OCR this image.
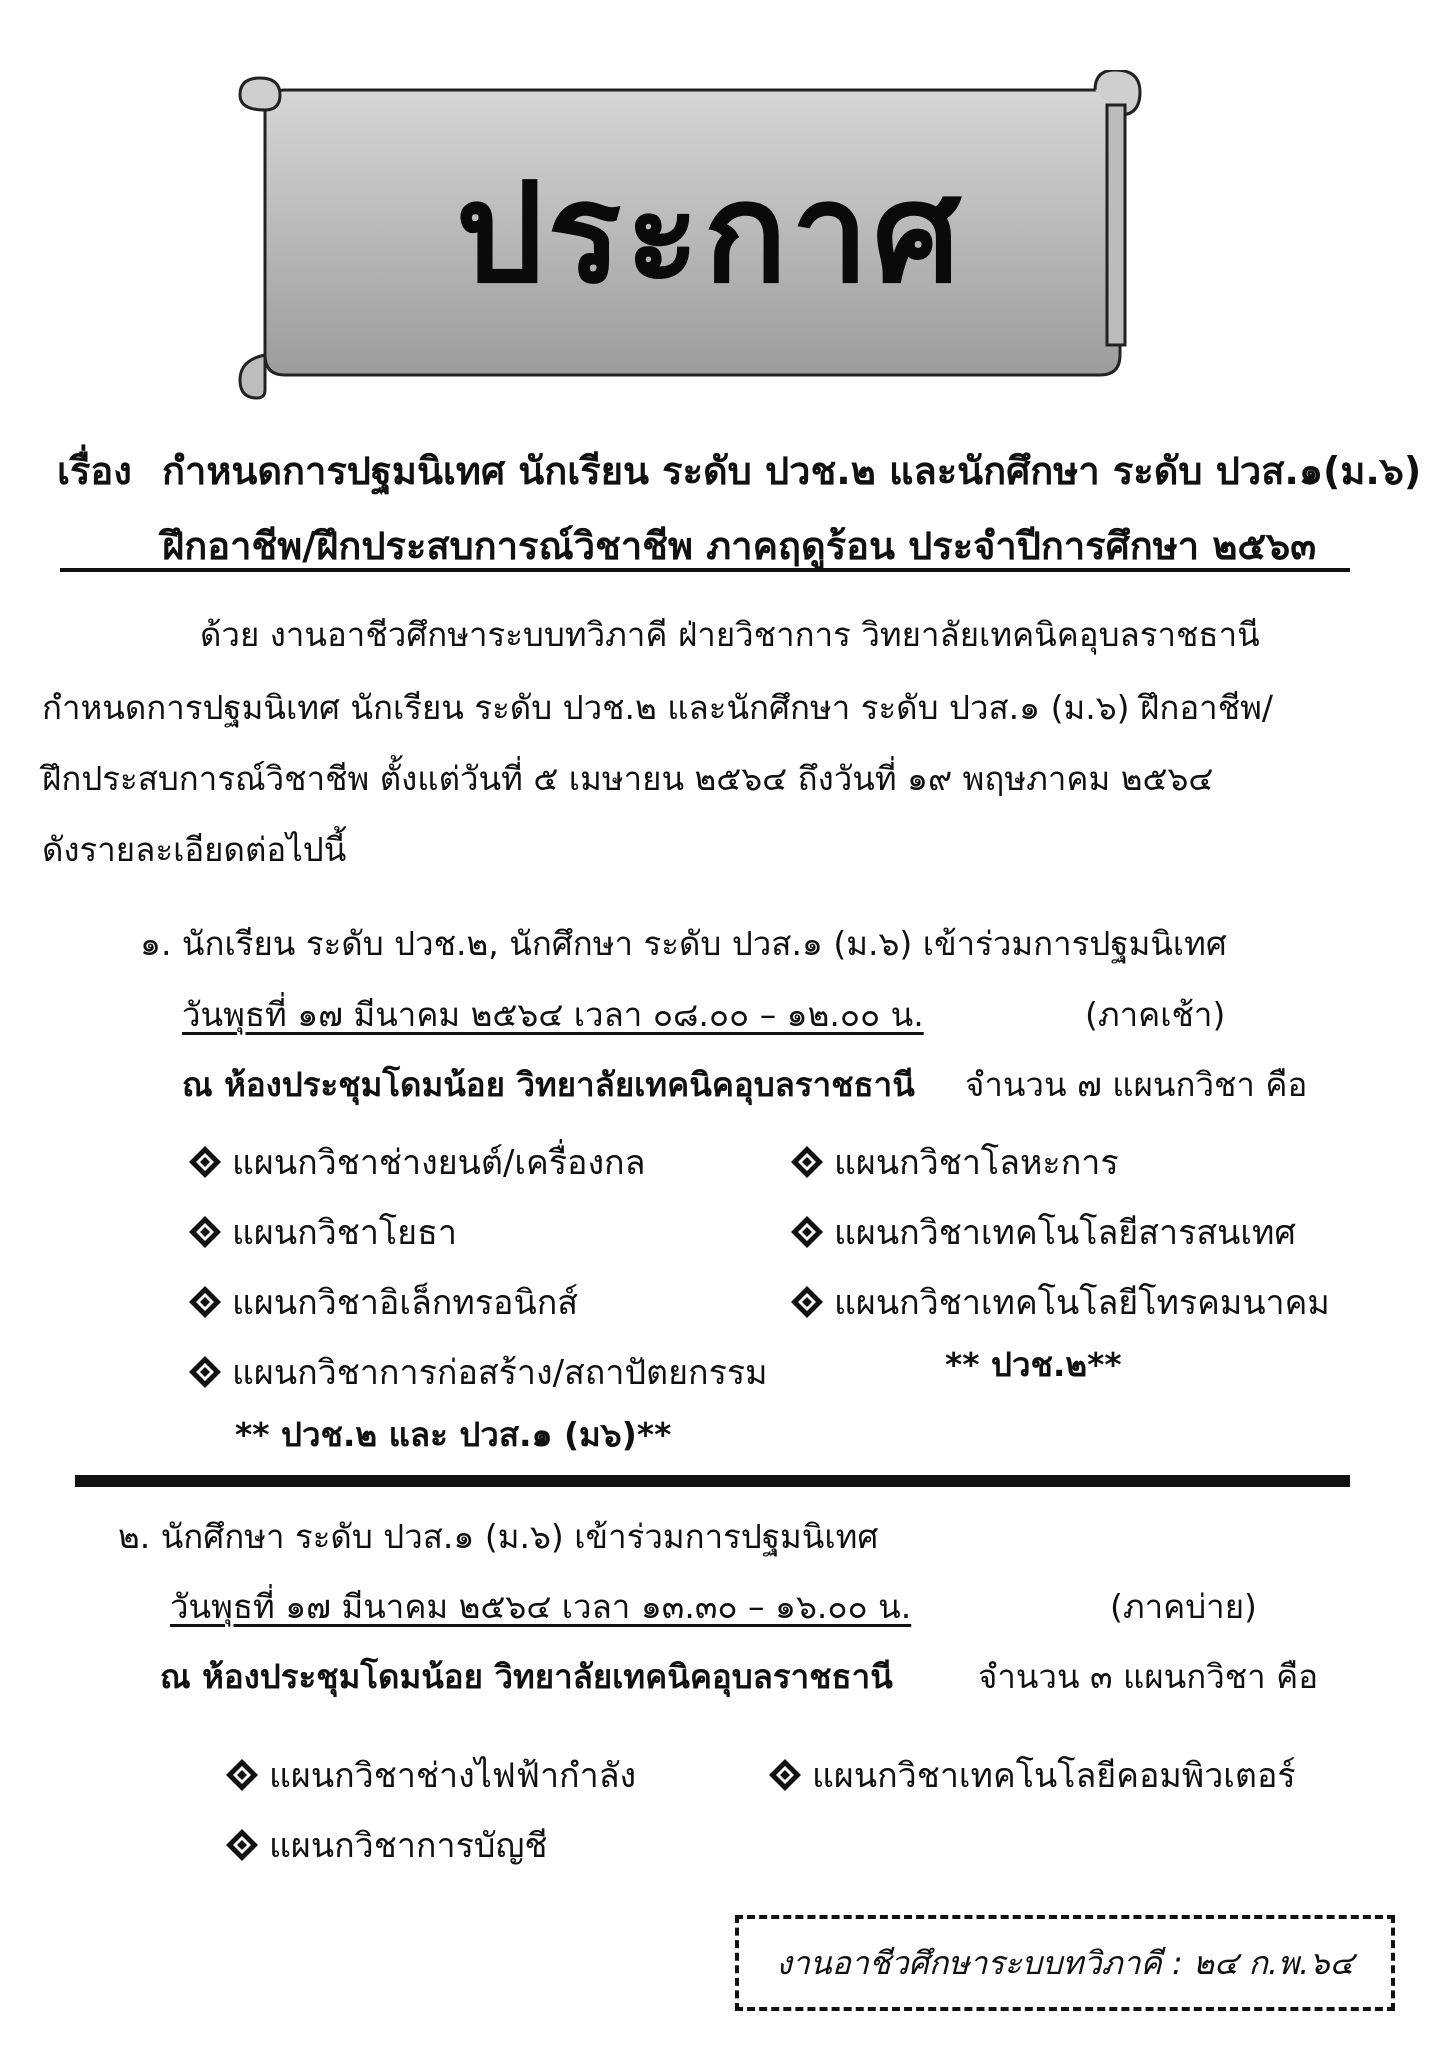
ประกาศ
เรื่อง กำหนดการปฐมนิเทศ นักเรียน ระดับ ปวช.๒ และนักศึกษา ระดับ ปวส.๑(ม.๖)
ฝึกอาชีพ/ฝึกประสบการณ์วิชาชีพ ภาคฤดูร้อน ประจำปีการศึกษา ๒๕๖๓
ด้วย งานอาชีวศึกษาระบบทวิภาคี ฝ่ายวิชาการ วิทยาลัยเทคนิคอุบลราชธานี
กำหนดการปฐมนิเทศ นักเรียน ระดับ ปวช.๒ และนักศึกษา ระดับ ปวส.๑ (ม.๖) ฝึกอาชีพ/
ฝึกประสบการณ์วิชาชีพ ตั้งแต่วันที่ ๕ เมษายน ๒๕๖๔ ถึงวันที่ ๑๙ พฤษภาคม ๒๕๖๔
ดังรายละเอียดต่อไปนี้
๑. นักเรียน ระดับ ปวช.๒, นักศึกษา ระดับ ปวส.๑ (ม.๖) เข้าร่วมการปฐมนิเทศ
วันพุธที่ ๑๗ มีนาคม ๒๕๖๔ เวลา ๐๘.๐๐ – ๑๒.๐๐ น.	(ภาคเช้า)
ณ ห้องประชุมโดมน้อย วิทยาลัยเทคนิคอุบลราชธานี จำนวน ๗ แผนกวิชา คือ
แผนกวิชาช่างยนต์/เครื่องกล
แผนกวิชาโยธา
แผนกวิชาอิเล็กทรอนิกส์
แผนกวิชาการก่อสร้าง/สถาปัตยกรรม
แผนกวิชาโลหะการ
แผนกวิชาเทคโนโลยีสารสนเทศ
แผนกวิชาเทคโนโลยีโทรคมนาคม
** ปวช.๒**
** ปวช.๒ และ ปวส.๑ (ม๖)**
๒. นักศึกษา ระดับ ปวส.๑ (ม.๖) เข้าร่วมการปฐมนิเทศ
วันพุธที่ ๑๗ มีนาคม ๒๕๖๔ เวลา ๑๓.๓๐ – ๑๖.๐๐ น.	(ภาคบ่าย)
ณ ห้องประชุมโดมน้อย วิทยาลัยเทคนิคอุบลราชธานี	จำนวน ๓ แผนกวิชา คือ
แผนกวิชาช่างไฟฟ้ากำลัง
แผนกวิชาการบัญชี
แผนกวิชาเทคโนโลยีคอมพิวเตอร์
งานอาชีวศึกษาระบบทวิภาคี : ๒๔ ก.พ.๖๔
